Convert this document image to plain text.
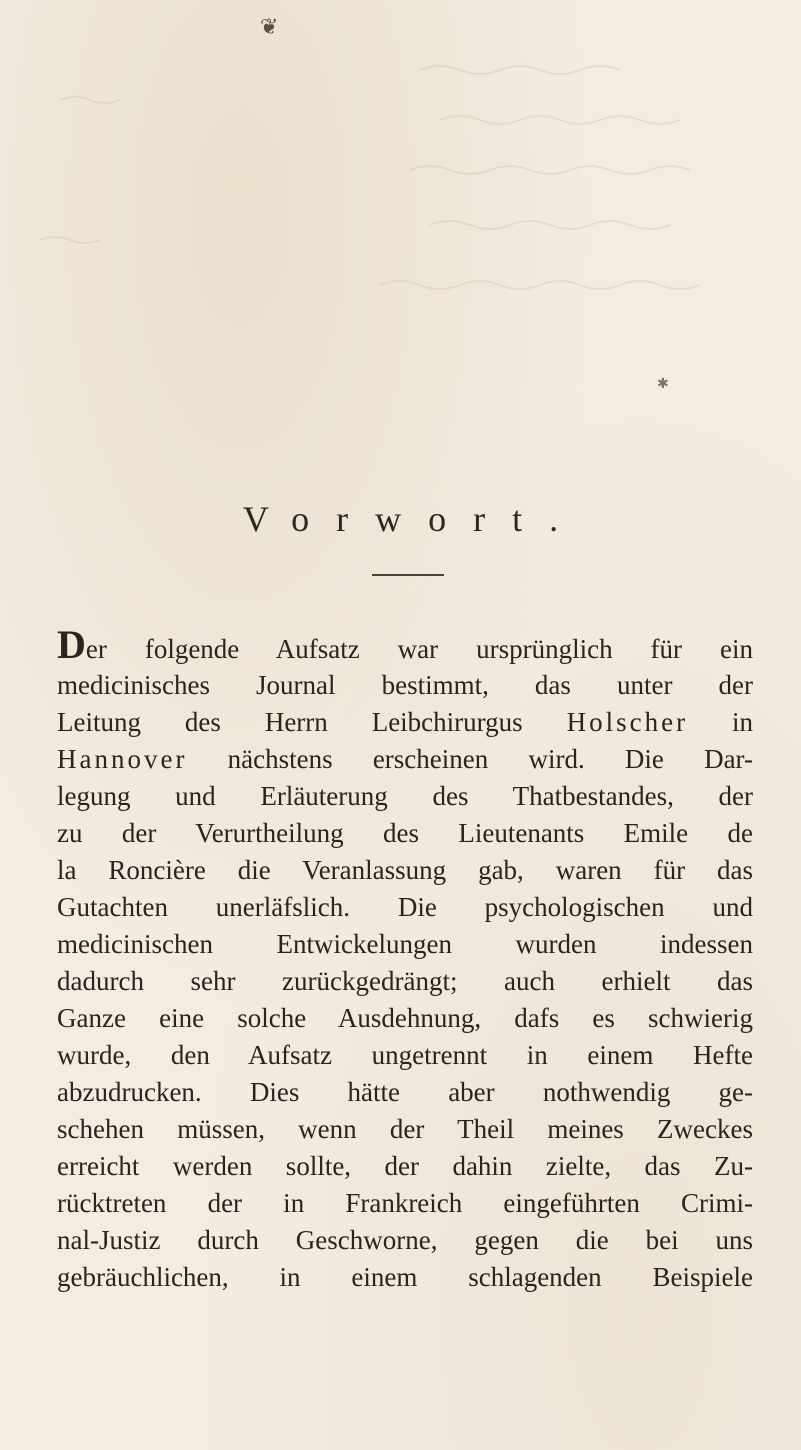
❦
✱
Vorwort.
Der folgende Aufsatz war ursprünglich für ein
medicinisches Journal bestimmt, das unter der
Leitung des Herrn Leibchirurgus Holscher in
Hannover nächstens erscheinen wird. Die Dar-
legung und Erläuterung des Thatbestandes, der
zu der Verurtheilung des Lieutenants Emile de
la Roncière die Veranlassung gab, waren für das
Gutachten unerläfslich. Die psychologischen und
medicinischen Entwickelungen wurden indessen
dadurch sehr zurückgedrängt; auch erhielt das
Ganze eine solche Ausdehnung, dafs es schwierig
wurde, den Aufsatz ungetrennt in einem Hefte
abzudrucken. Dies hätte aber nothwendig ge-
schehen müssen, wenn der Theil meines Zweckes
erreicht werden sollte, der dahin zielte, das Zu-
rücktreten der in Frankreich eingeführten Crimi-
nal-Justiz durch Geschworne, gegen die bei uns
gebräuchlichen, in einem schlagenden Beispiele
